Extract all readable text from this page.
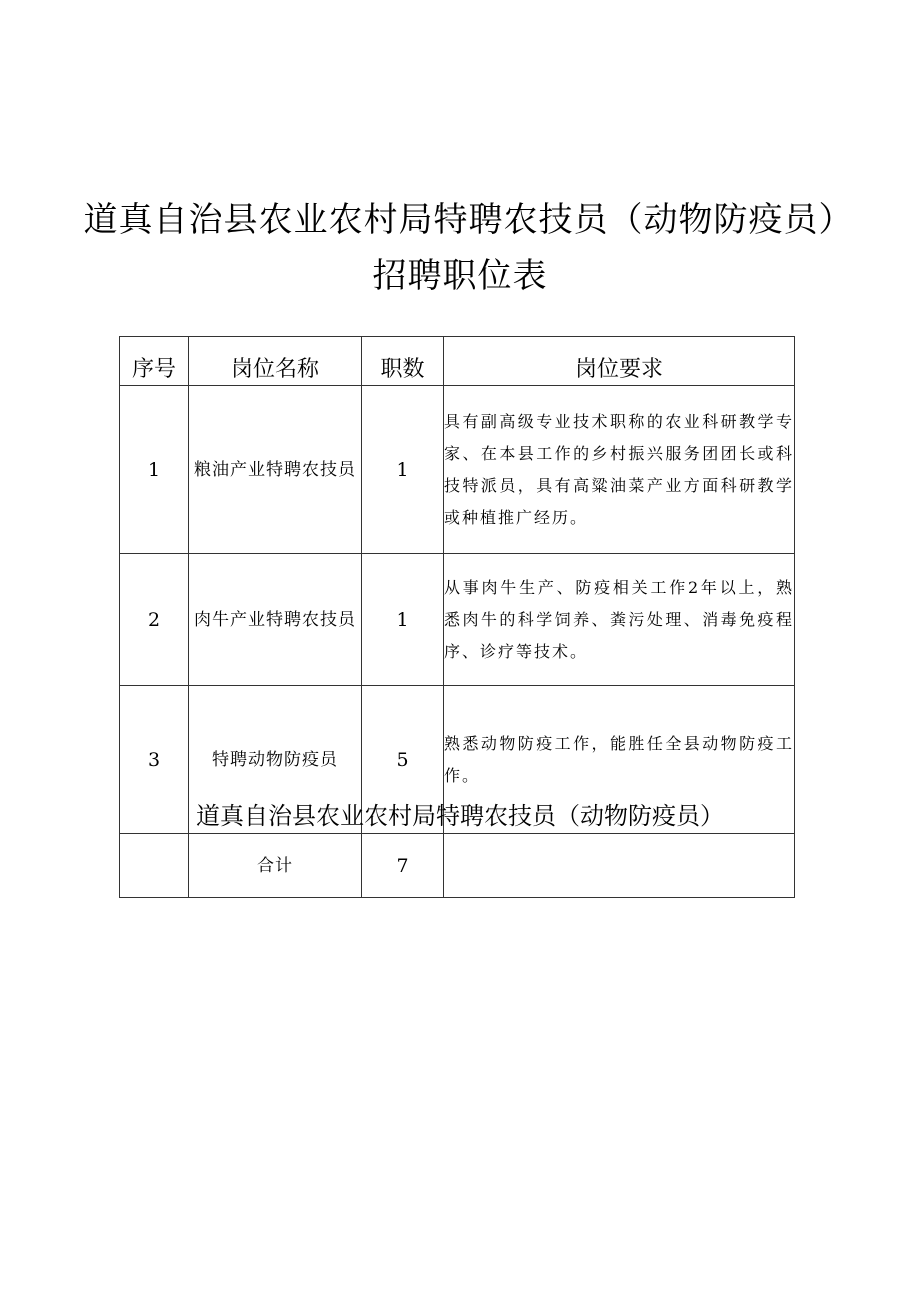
道真自治县农业农村局特聘农技员（动物防疫员）招聘职位表
序号	岗位名称	职数	岗位要求
1	粮油产业特聘农技员	1	具有副高级专业技术职称的农业科研教学专家、在本县工作的乡村振兴服务团团长或科技特派员，具有高粱油菜产业方面科研教学或种植推广经历。
2	肉牛产业特聘农技员	1	从事肉牛生产、防疫相关工作2年以上，熟悉肉牛的科学饲养、粪污处理、消毒免疫程序、诊疗等技术。
3	特聘动物防疫员	5	熟悉动物防疫工作，能胜任全县动物防疫工作。
	合计	7	

道真自治县农业农村局特聘农技员（动物防疫员）
